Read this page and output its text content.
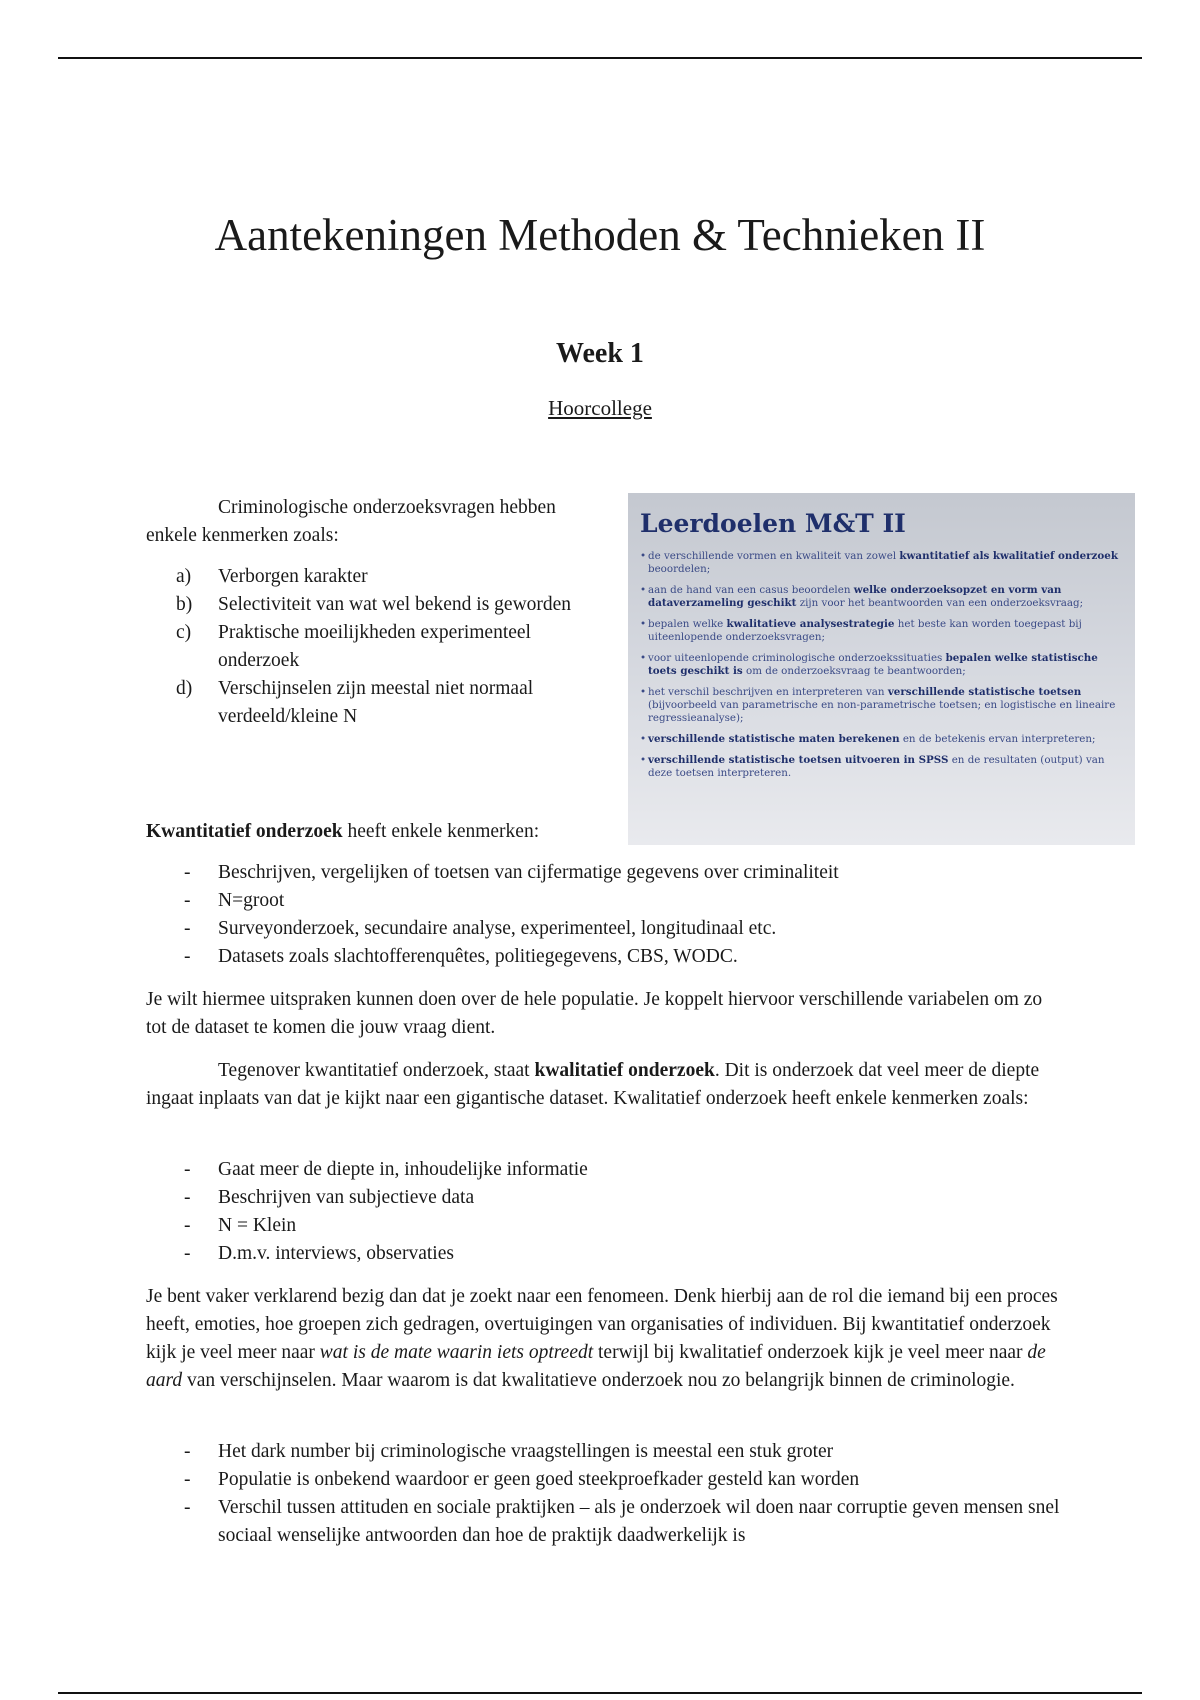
Aantekeningen Methoden & Technieken II
Week 1
Hoorcollege

Criminologische onderzoeksvragen hebben enkele kenmerken zoals:

a) Verborgen karakter
b) Selectiviteit van wat wel bekend is geworden
c) Praktische moeilijkheden experimenteel onderzoek
d) Verschijnselen zijn meestal niet normaal verdeeld/kleine N
Leerdoelen M&T II
• de verschillende vormen en kwaliteit van zowel kwantitatief als kwalitatief onderzoek beoordelen;
• aan de hand van een casus beoordelen welke onderzoeksopzet en vorm van dataverzameling geschikt zijn voor het beantwoorden van een onderzoeksvraag;
• bepalen welke kwalitatieve analysestrategie het beste kan worden toegepast bij uiteenlopende onderzoeksvragen;
• voor uiteenlopende criminologische onderzoekssituaties bepalen welke statistische toets geschikt is om de onderzoeksvraag te beantwoorden;
• het verschil beschrijven en interpreteren van verschillende statistische toetsen (bijvoorbeeld van parametrische en non-parametrische toetsen; en logistische en lineaire regressieanalyse);
• verschillende statistische maten berekenen en de betekenis ervan interpreteren;
• verschillende statistische toetsen uitvoeren in SPSS en de resultaten (output) van deze toetsen interpreteren.

Kwantitatief onderzoek heeft enkele kenmerken:

- Beschrijven, vergelijken of toetsen van cijfermatige gegevens over criminaliteit
- N=groot
- Surveyonderzoek, secundaire analyse, experimenteel, longitudinaal etc.
- Datasets zoals slachtofferenquêtes, politiegegevens, CBS, WODC.

Je wilt hiermee uitspraken kunnen doen over de hele populatie. Je koppelt hiervoor verschillende variabelen om zo tot de dataset te komen die jouw vraag dient.

Tegenover kwantitatief onderzoek, staat kwalitatief onderzoek. Dit is onderzoek dat veel meer de diepte ingaat inplaats van dat je kijkt naar een gigantische dataset. Kwalitatief onderzoek heeft enkele kenmerken zoals:

- Gaat meer de diepte in, inhoudelijke informatie
- Beschrijven van subjectieve data
- N = Klein
- D.m.v. interviews, observaties

Je bent vaker verklarend bezig dan dat je zoekt naar een fenomeen. Denk hierbij aan de rol die iemand bij een proces heeft, emoties, hoe groepen zich gedragen, overtuigingen van organisaties of individuen. Bij kwantitatief onderzoek kijk je veel meer naar wat is de mate waarin iets optreedt terwijl bij kwalitatief onderzoek kijk je veel meer naar de aard van verschijnselen. Maar waarom is dat kwalitatieve onderzoek nou zo belangrijk binnen de criminologie.

- Het dark number bij criminologische vraagstellingen is meestal een stuk groter
- Populatie is onbekend waardoor er geen goed steekproefkader gesteld kan worden
- Verschil tussen attituden en sociale praktijken – als je onderzoek wil doen naar corruptie geven mensen snel sociaal wenselijke antwoorden dan hoe de praktijk daadwerkelijk is
